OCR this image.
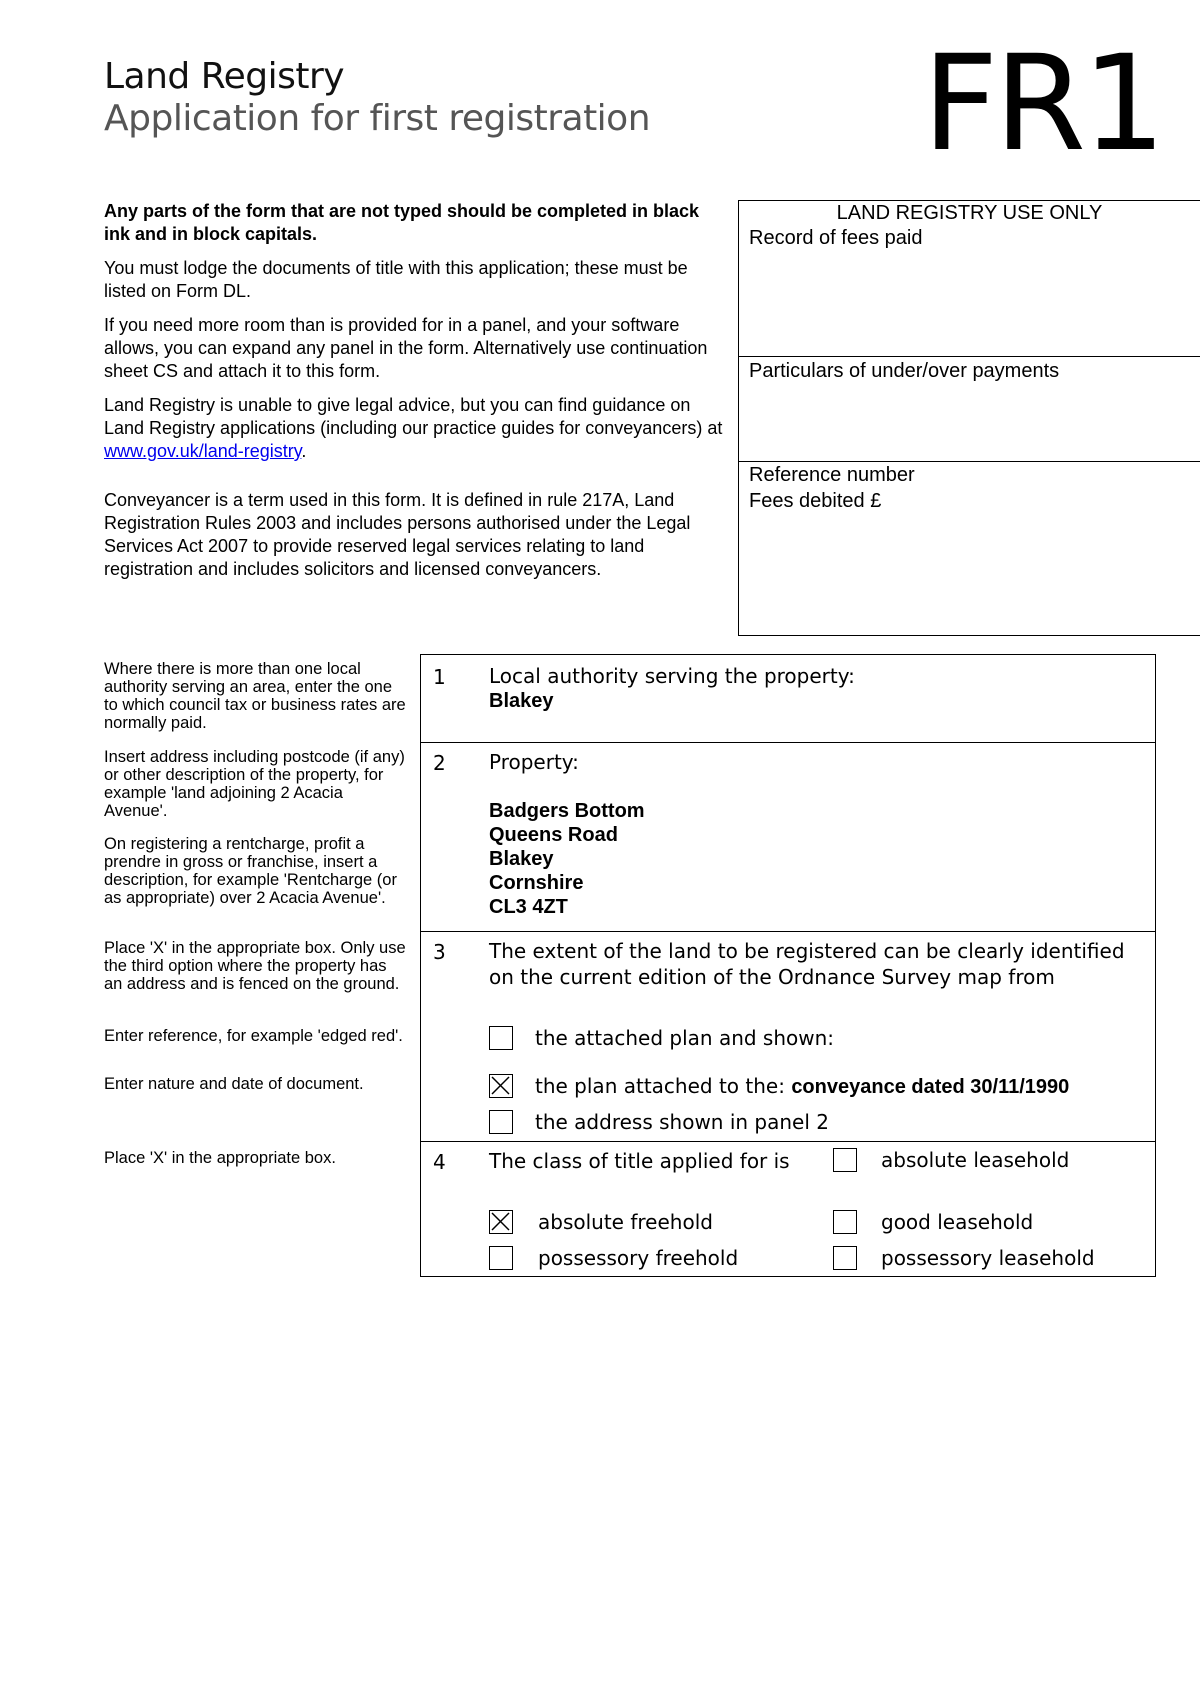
Land Registry
Application for first registration FR1

Any parts of the form that are not typed should be completed in black ink and in block capitals.

You must lodge the documents of title with this application; these must be listed on Form DL.

If you need more room than is provided for in a panel, and your software allows, you can expand any panel in the form. Alternatively use continuation sheet CS and attach it to this form.

Land Registry is unable to give legal advice, but you can find guidance on Land Registry applications (including our practice guides for conveyancers) at www.gov.uk/land-registry.

Conveyancer is a term used in this form. It is defined in rule 217A, Land Registration Rules 2003 and includes persons authorised under the Legal Services Act 2007 to provide reserved legal services relating to land registration and includes solicitors and licensed conveyancers.

LAND REGISTRY USE ONLY
Record of fees paid
Particulars of under/over payments
Reference number
Fees debited £
Where there is more than one local authority serving an area, enter the one to which council tax or business rates are normally paid.
Insert address including postcode (if any) or other description of the property, for example 'land adjoining 2 Acacia Avenue'.
On registering a rentcharge, profit a prendre in gross or franchise, insert a description, for example 'Rentcharge (or as appropriate) over 2 Acacia Avenue'.
Place 'X' in the appropriate box. Only use the third option where the property has an address and is fenced on the ground.
Enter reference, for example 'edged red'.
Enter nature and date of document.
Place 'X' in the appropriate box.
1 Local authority serving the property:
Blakey
2 Property:
Badgers Bottom
Queens Road
Blakey
Cornshire
CL3 4ZT
3 The extent of the land to be registered can be clearly identified on the current edition of the Ordnance Survey map from
the attached plan and shown:
the plan attached to the: conveyance dated 30/11/1990
the address shown in panel 2
4 The class of title applied for is
absolute freehold
possessory freehold
absolute leasehold
good leasehold
possessory leasehold
